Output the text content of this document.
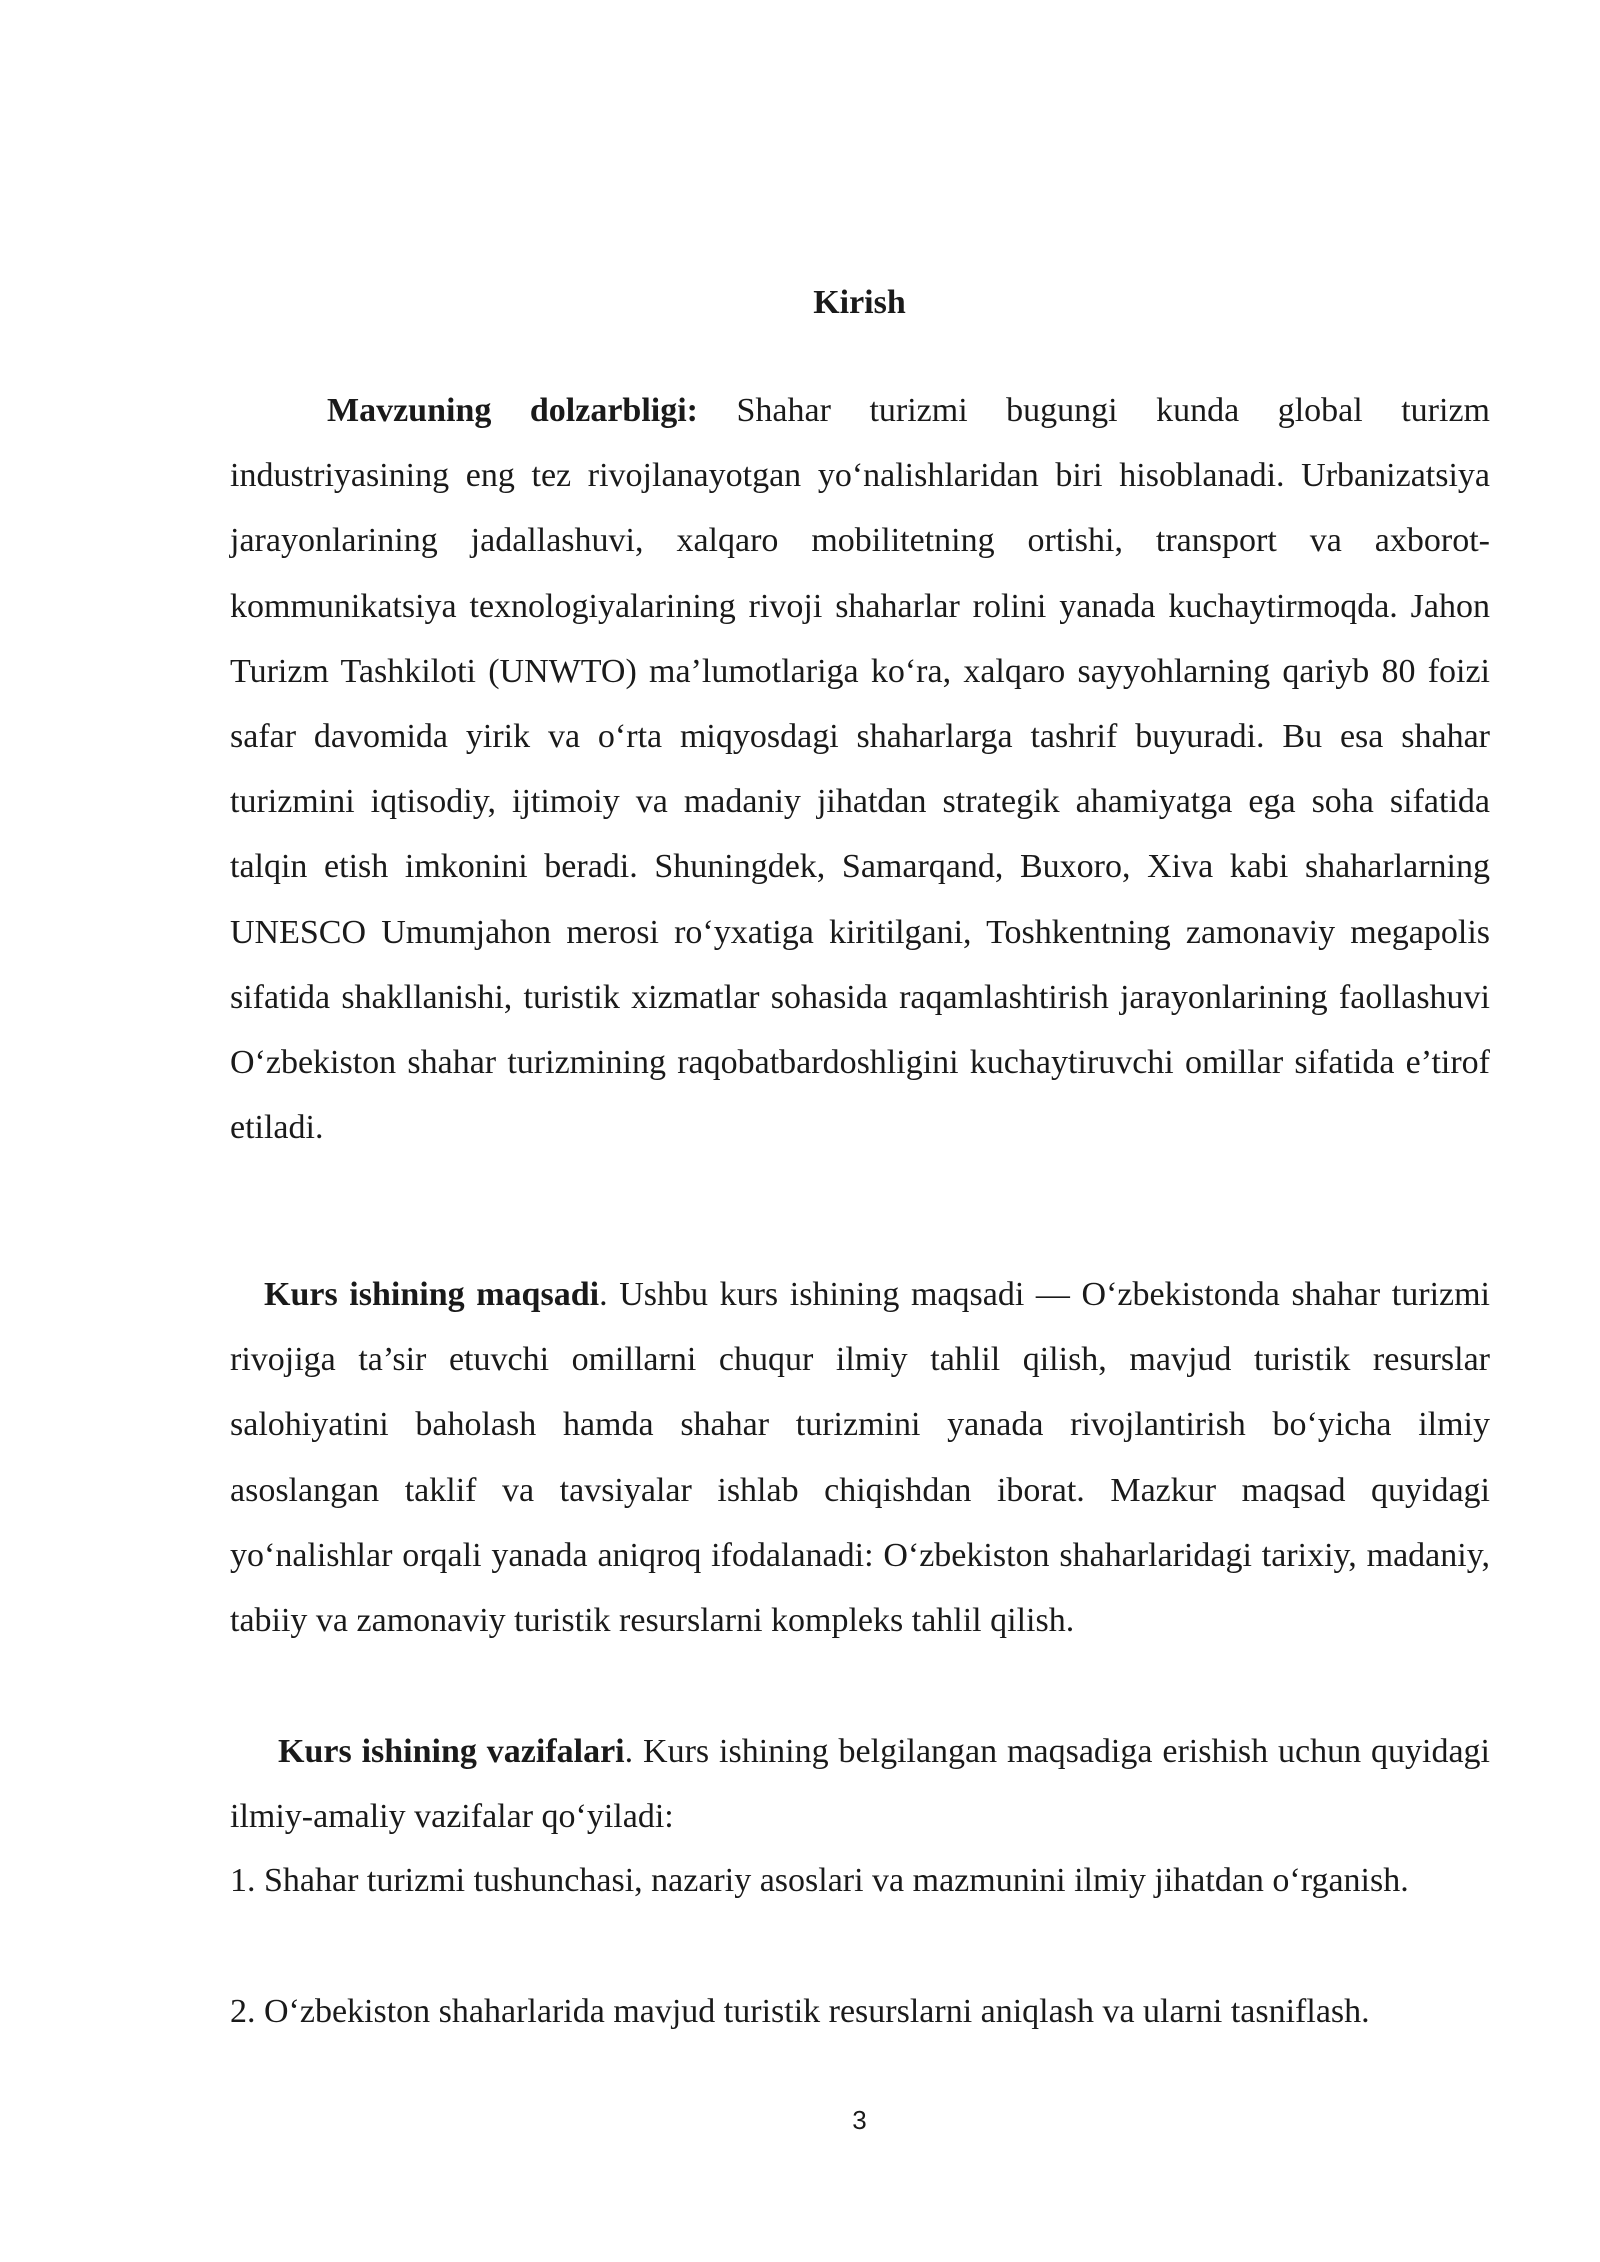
Kirish

Mavzuning dolzarbligi: Shahar turizmi bugungi kunda global turizm industriyasining eng tez rivojlanayotgan yo‘nalishlaridan biri hisoblanadi. Urbanizatsiya jarayonlarining jadallashuvi, xalqaro mobilitetning ortishi, transport va axborot-kommunikatsiya texnologiyalarining rivoji shaharlar rolini yanada kuchaytirmoqda. Jahon Turizm Tashkiloti (UNWTO) ma’lumotlariga ko‘ra, xalqaro sayyohlarning qariyb 80 foizi safar davomida yirik va o‘rta miqyosdagi shaharlarga tashrif buyuradi. Bu esa shahar turizmini iqtisodiy, ijtimoiy va madaniy jihatdan strategik ahamiyatga ega soha sifatida talqin etish imkonini beradi. Shuningdek, Samarqand, Buxoro, Xiva kabi shaharlarning UNESCO Umumjahon merosi ro‘yxatiga kiritilgani, Toshkentning zamonaviy megapolis sifatida shakllanishi, turistik xizmatlar sohasida raqamlashtirish jarayonlarining faollashuvi O‘zbekiston shahar turizmining raqobatbardoshligini kuchaytiruvchi omillar sifatida e’tirof etiladi.

Kurs ishining maqsadi. Ushbu kurs ishining maqsadi — O‘zbekistonda shahar turizmi rivojiga ta’sir etuvchi omillarni chuqur ilmiy tahlil qilish, mavjud turistik resurslar salohiyatini baholash hamda shahar turizmini yanada rivojlantirish bo‘yicha ilmiy asoslangan taklif va tavsiyalar ishlab chiqishdan iborat. Mazkur maqsad quyidagi yo‘nalishlar orqali yanada aniqroq ifodalanadi: O‘zbekiston shaharlaridagi tarixiy, madaniy, tabiiy va zamonaviy turistik resurslarni kompleks tahlil qilish.

Kurs ishining vazifalari. Kurs ishining belgilangan maqsadiga erishish uchun quyidagi ilmiy-amaliy vazifalar qo‘yiladi:

1. Shahar turizmi tushunchasi, nazariy asoslari va mazmunini ilmiy jihatdan o‘rganish.

2. O‘zbekiston shaharlarida mavjud turistik resurslarni aniqlash va ularni tasniflash.

3
